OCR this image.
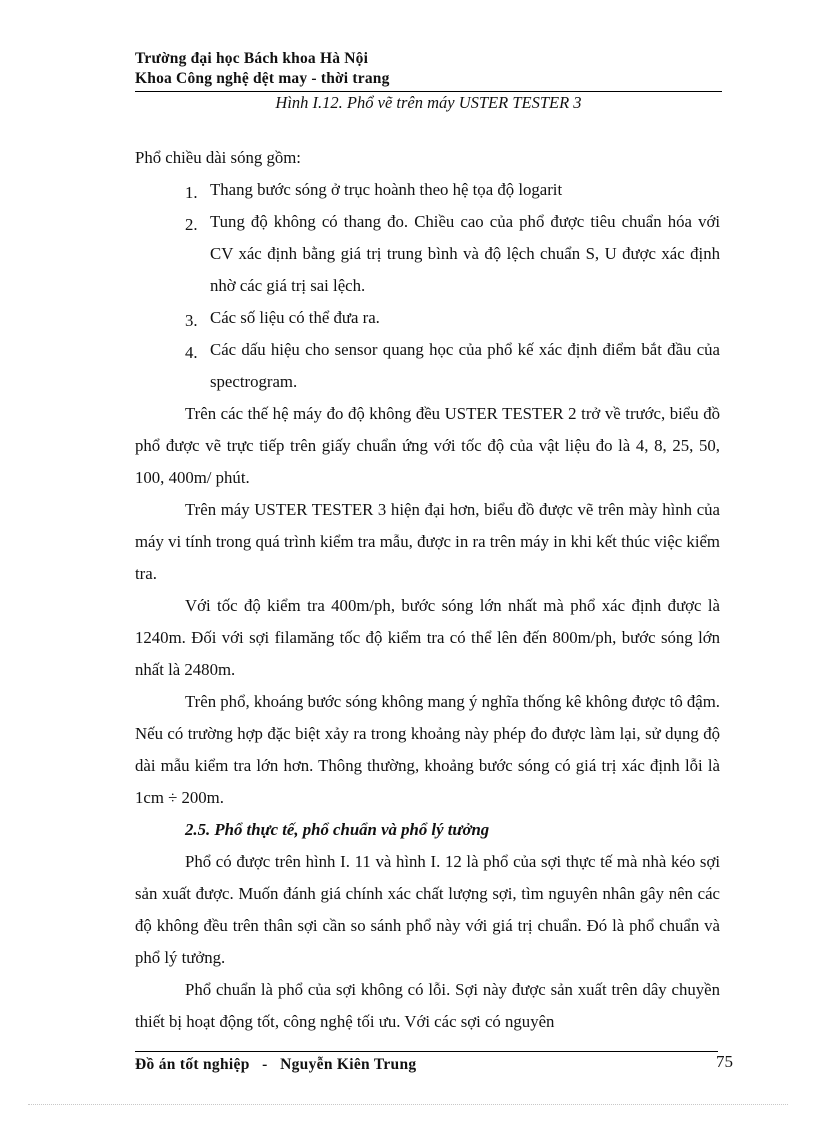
Trường đại học Bách khoa Hà Nội
Khoa Công nghệ dệt may - thời trang
Hình I.12. Phổ vẽ trên máy USTER TESTER 3

Phổ chiều dài sóng gồm:

1. Thang bước sóng ở trục hoành theo hệ tọa độ logarit
2. Tung độ không có thang đo. Chiều cao của phổ được tiêu chuẩn hóa với CV xác định bằng giá trị trung bình và độ lệch chuẩn S, U được xác định nhờ các giá trị sai lệch.
3. Các số liệu có thể đưa ra.
4. Các dấu hiệu cho sensor quang học của phổ kế xác định điểm bắt đầu của spectrogram.

Trên các thế hệ máy đo độ không đều USTER TESTER 2 trở về trước, biểu đồ phổ được vẽ trực tiếp trên giấy chuẩn ứng với tốc độ của vật liệu đo là 4, 8, 25, 50, 100, 400m/ phút.

Trên máy USTER TESTER 3 hiện đại hơn, biểu đồ được vẽ trên mày hình của máy vi tính trong quá trình kiểm tra mẫu, được in ra trên máy in khi kết thúc việc kiểm tra.

Với tốc độ kiểm tra 400m/ph, bước sóng lớn nhất mà phổ xác định được là 1240m. Đối với sợi filamăng tốc độ kiểm tra có thể lên đến 800m/ph, bước sóng lớn nhất là 2480m.

Trên phổ, khoáng bước sóng không mang ý nghĩa thống kê không được tô đậm. Nếu có trường hợp đặc biệt xảy ra trong khoảng này phép đo được làm lại, sử dụng độ dài mẫu kiểm tra lớn hơn. Thông thường, khoảng bước sóng có giá trị xác định lỗi là 1cm ÷ 200m.

2.5. Phổ thực tế, phổ chuẩn và phổ lý tưởng

Phổ có được trên hình I. 11 và hình I. 12 là phổ của sợi thực tế mà nhà kéo sợi sản xuất được. Muốn đánh giá chính xác chất lượng sợi, tìm nguyên nhân gây nên các độ không đều trên thân sợi cần so sánh phổ này với giá trị chuẩn. Đó là phổ chuẩn và phổ lý tưởng.

Phổ chuẩn là phổ của sợi không có lỗi. Sợi này được sản xuất trên dây chuyền thiết bị hoạt động tốt, công nghệ tối ưu. Với các sợi có nguyên

Đồ án tốt nghiệp   -   Nguyễn Kiên Trung	75
